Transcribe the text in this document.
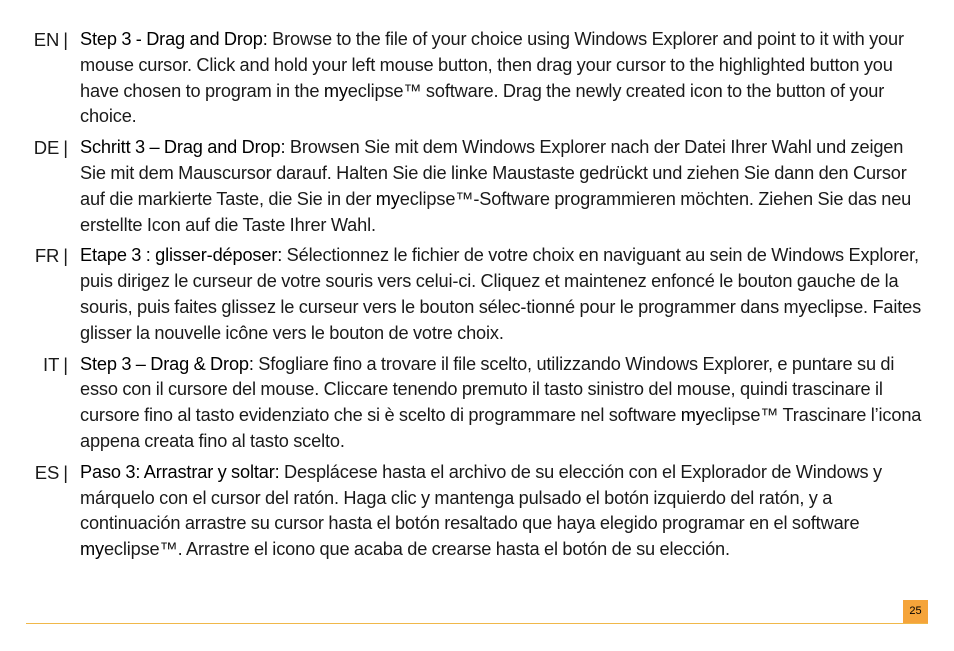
EN | Step 3 - Drag and Drop: Browse to the file of your choice using Windows Explorer and point to it with your mouse cursor. Click and hold your left mouse button, then drag your cursor to the highlighted button you have chosen to program in the myeclipse™ software. Drag the newly created icon to the button of your choice.
DE | Schritt 3 – Drag and Drop: Browsen Sie mit dem Windows Explorer nach der Datei Ihrer Wahl und zeigen Sie mit dem Mauscursor darauf. Halten Sie die linke Maustaste gedrückt und ziehen Sie dann den Cursor auf die markierte Taste, die Sie in der myeclipse™-Software programmieren möchten. Ziehen Sie das neu erstellte Icon auf die Taste Ihrer Wahl.
FR | Etape 3 : glisser-déposer: Sélectionnez le fichier de votre choix en naviguant au sein de Windows Explorer, puis dirigez le curseur de votre souris vers celui-ci. Cliquez et maintenez enfoncé le bouton gauche de la souris, puis faites glissez le curseur vers le bouton sélec-tionné pour le programmer dans myeclipse. Faites glisser la nouvelle icône vers le bouton de votre choix.
IT | Step 3 – Drag & Drop: Sfogliare fino a trovare il file scelto, utilizzando Windows Explorer, e puntare su di esso con il cursore del mouse. Cliccare tenendo premuto il tasto sinistro del mouse, quindi trascinare il cursore fino al tasto evidenziato che si è scelto di programmare nel software myeclipse™ Trascinare l’icona appena creata fino al tasto scelto.
ES | Paso 3: Arrastrar y soltar: Desplácese hasta el archivo de su elección con el Explorador de Windows y márquelo con el cursor del ratón. Haga clic y mantenga pulsado el botón izquierdo del ratón, y a continuación arrastre su cursor hasta el botón resaltado que haya elegido programar en el software myeclipse™. Arrastre el icono que acaba de crearse hasta el botón de su elección.
25
